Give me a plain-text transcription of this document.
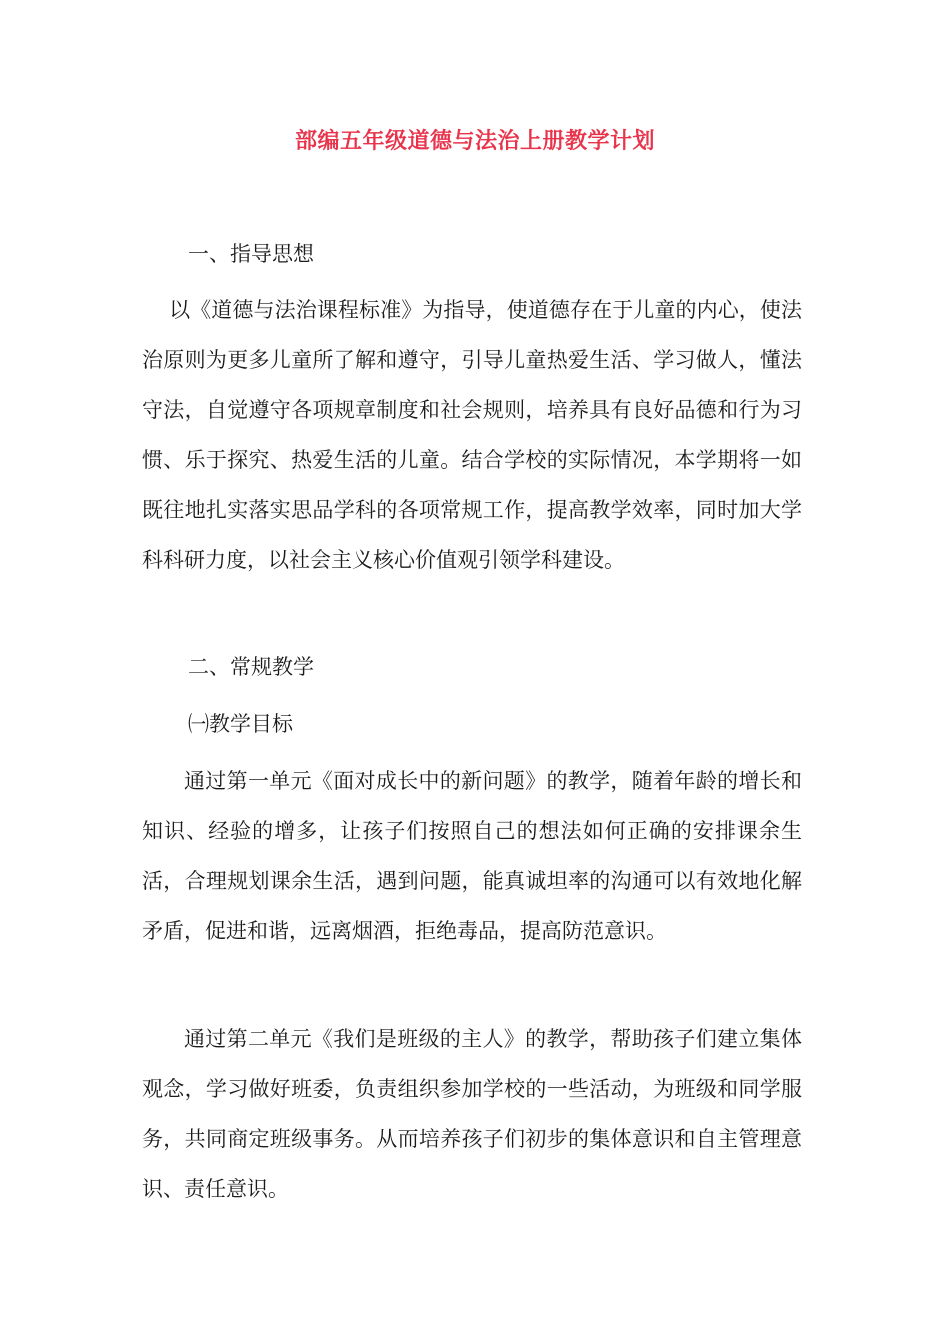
部编五年级道德与法治上册教学计划
一、指导思想
以《道德与法治课程标准》为指导，使道德存在于儿童的内心，使法治原则为更多儿童所了解和遵守，引导儿童热爱生活、学习做人，懂法守法，自觉遵守各项规章制度和社会规则，培养具有良好品德和行为习惯、乐于探究、热爱生活的儿童。结合学校的实际情况，本学期将一如既往地扎实落实思品学科的各项常规工作，提高教学效率，同时加大学科科研力度，以社会主义核心价值观引领学科建设。
二、常规教学
㈠教学目标
通过第一单元《面对成长中的新问题》的教学，随着年龄的增长和知识、经验的增多，让孩子们按照自己的想法如何正确的安排课余生活，合理规划课余生活，遇到问题，能真诚坦率的沟通可以有效地化解矛盾，促进和谐，远离烟酒，拒绝毒品，提高防范意识。
通过第二单元《我们是班级的主人》的教学，帮助孩子们建立集体观念，学习做好班委，负责组织参加学校的一些活动，为班级和同学服务，共同商定班级事务。从而培养孩子们初步的集体意识和自主管理意识、责任意识。
